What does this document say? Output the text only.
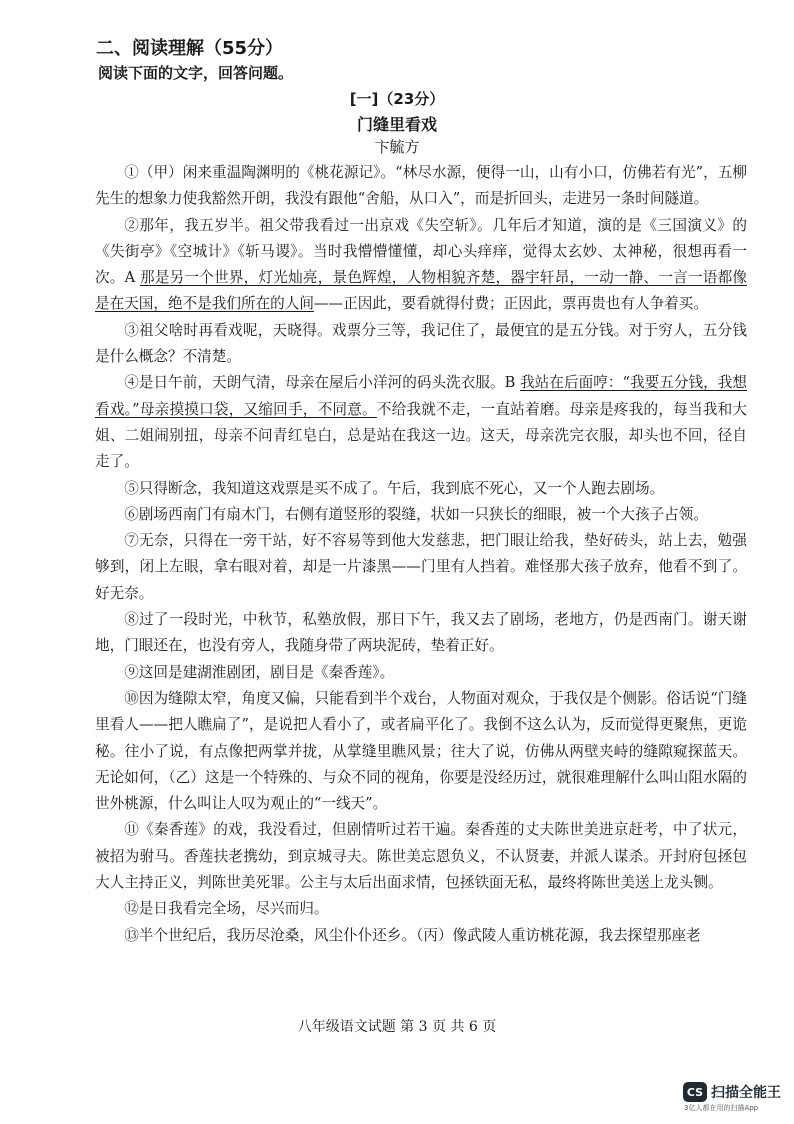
二、阅读理解（55分）
阅读下面的文字，回答问题。
[一]（23分）
门缝里看戏
卞毓方

①（甲）闲来重温陶渊明的《桃花源记》。“林尽水源，便得一山，山有小口，仿佛若有光”，五柳先生的想象力使我豁然开朗，我没有跟他“舍船，从口入”，而是折回头，走进另一条时间隧道。

②那年，我五岁半。祖父带我看过一出京戏《失空斩》。几年后才知道，演的是《三国演义》的《失街亭》《空城计》《斩马谡》。当时我懵懵懂懂，却心头痒痒，觉得太玄妙、太神秘，很想再看一次。A 那是另一个世界，灯光灿亮，景色辉煌，人物相貌齐楚，器宇轩昂，一动一静、一言一语都像是在天国，绝不是我们所在的人间——正因此，要看就得付费；正因此，票再贵也有人争着买。

③祖父啥时再看戏呢，天晓得。戏票分三等，我记住了，最便宜的是五分钱。对于穷人，五分钱是什么概念？不清楚。

④是日午前，天朗气清，母亲在屋后小洋河的码头洗衣服。B 我站在后面哼：“我要五分钱，我想看戏。”母亲摸摸口袋，又缩回手，不同意。不给我就不走，一直站着磨。母亲是疼我的，每当我和大姐、二姐闹别扭，母亲不问青红皂白，总是站在我这一边。这天，母亲洗完衣服，却头也不回，径自走了。

⑤只得断念，我知道这戏票是买不成了。午后，我到底不死心，又一个人跑去剧场。

⑥剧场西南门有扇木门，右侧有道竖形的裂缝，状如一只狭长的细眼，被一个大孩子占领。

⑦无奈，只得在一旁干站，好不容易等到他大发慈悲，把门眼让给我，垫好砖头，站上去，勉强够到，闭上左眼，拿右眼对着，却是一片漆黑——门里有人挡着。难怪那大孩子放弃，他看不到了。好无奈。

⑧过了一段时光，中秋节，私塾放假，那日下午，我又去了剧场，老地方，仍是西南门。谢天谢地，门眼还在，也没有旁人，我随身带了两块泥砖，垫着正好。

⑨这回是建湖淮剧团，剧目是《秦香莲》。

⑩因为缝隙太窄，角度又偏，只能看到半个戏台，人物面对观众，于我仅是个侧影。俗话说“门缝里看人——把人瞧扁了”，是说把人看小了，或者扁平化了。我倒不这么认为，反而觉得更聚焦，更诡秘。往小了说，有点像把两掌并拢，从掌缝里瞧风景；往大了说，仿佛从两壁夹峙的缝隙窥探蓝天。无论如何，（乙）这是一个特殊的、与众不同的视角，你要是没经历过，就很难理解什么叫山阻水隔的世外桃源，什么叫让人叹为观止的“一线天”。

⑪《秦香莲》的戏，我没看过，但剧情听过若干遍。秦香莲的丈夫陈世美进京赶考，中了状元，被招为驸马。香莲扶老携幼，到京城寻夫。陈世美忘恩负义，不认贤妻，并派人谋杀。开封府包拯包大人主持正义，判陈世美死罪。公主与太后出面求情，包拯铁面无私，最终将陈世美送上龙头铡。

⑫是日我看完全场，尽兴而归。

⑬半个世纪后，我历尽沧桑，风尘仆仆还乡。（丙）像武陵人重访桃花源，我去探望那座老

八年级语文试题 第 3 页 共 6 页
CS 扫描全能王
3亿人都在用的扫描App
